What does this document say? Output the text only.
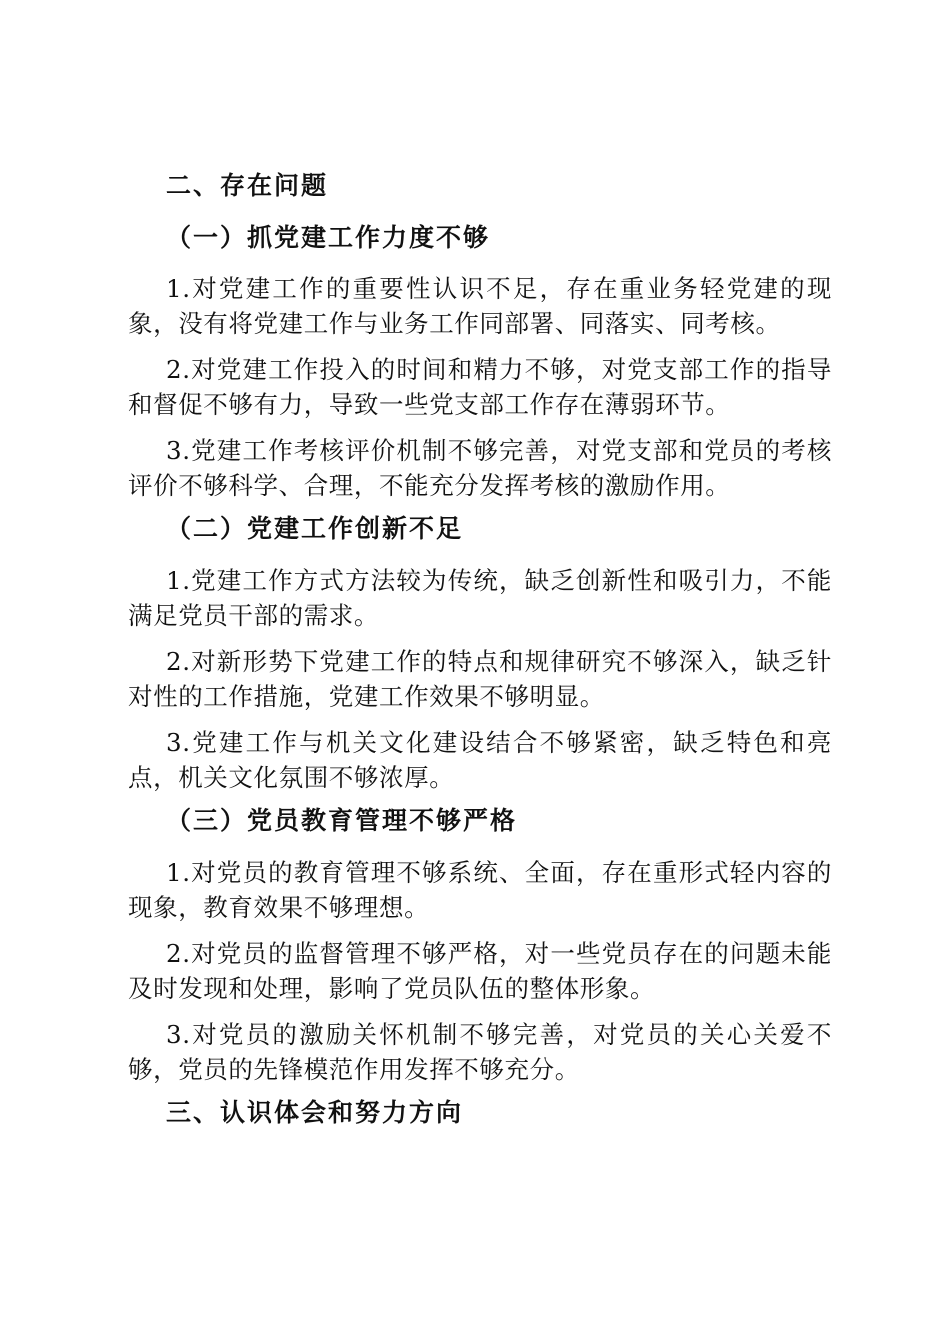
二、存在问题
（一）抓党建工作力度不够
1.对党建工作的重要性认识不足，存在重业务轻党建的现象，没有将党建工作与业务工作同部署、同落实、同考核。
2.对党建工作投入的时间和精力不够，对党支部工作的指导和督促不够有力，导致一些党支部工作存在薄弱环节。
3.党建工作考核评价机制不够完善，对党支部和党员的考核评价不够科学、合理，不能充分发挥考核的激励作用。
（二）党建工作创新不足
1.党建工作方式方法较为传统，缺乏创新性和吸引力，不能满足党员干部的需求。
2.对新形势下党建工作的特点和规律研究不够深入，缺乏针对性的工作措施，党建工作效果不够明显。
3.党建工作与机关文化建设结合不够紧密，缺乏特色和亮点，机关文化氛围不够浓厚。
（三）党员教育管理不够严格
1.对党员的教育管理不够系统、全面，存在重形式轻内容的现象，教育效果不够理想。
2.对党员的监督管理不够严格，对一些党员存在的问题未能及时发现和处理，影响了党员队伍的整体形象。
3.对党员的激励关怀机制不够完善，对党员的关心关爱不够，党员的先锋模范作用发挥不够充分。
三、认识体会和努力方向
